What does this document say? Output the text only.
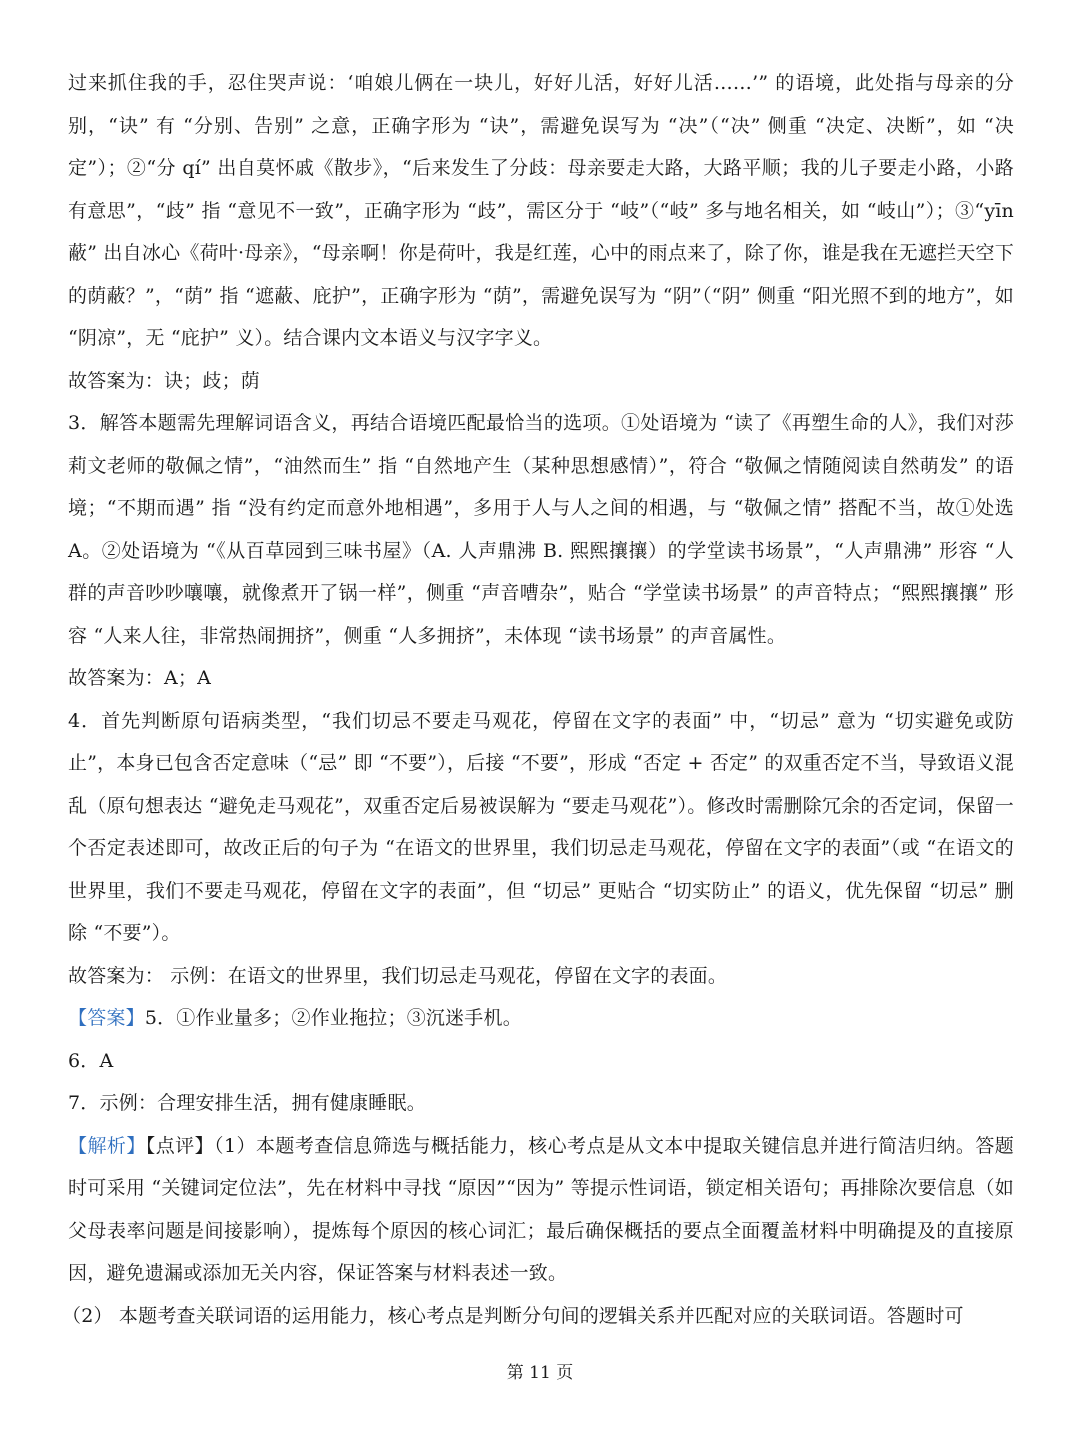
过来抓住我的手，忍住哭声说：‘咱娘儿俩在一块儿，好好儿活，好好儿活……’” 的语境，此处指与母亲的分别，“诀” 有 “分别、告别” 之意，正确字形为 “诀”，需避免误写为 “决”（“决” 侧重 “决定、决断”，如 “决定”）；②“分 qí” 出自莫怀戚《散步》，“后来发生了分歧：母亲要走大路，大路平顺；我的儿子要走小路，小路有意思”，“歧” 指 “意见不一致”，正确字形为 “歧”，需区分于 “岐”（“岐” 多与地名相关，如 “岐山”）；③“yīn 蔽” 出自冰心《荷叶·母亲》，“母亲啊！你是荷叶，我是红莲，心中的雨点来了，除了你，谁是我在无遮拦天空下的荫蔽？”，“荫” 指 “遮蔽、庇护”，正确字形为 “荫”，需避免误写为 “阴”（“阴” 侧重 “阳光照不到的地方”，如 “阴凉”，无 “庇护” 义）。结合课内文本语义与汉字字义。

故答案为：诀；歧；荫

3．解答本题需先理解词语含义，再结合语境匹配最恰当的选项。①处语境为 “读了《再塑生命的人》，我们对莎莉文老师的敬佩之情”，“油然而生” 指 “自然地产生（某种思想感情）”，符合 “敬佩之情随阅读自然萌发” 的语境；“不期而遇” 指 “没有约定而意外地相遇”，多用于人与人之间的相遇，与 “敬佩之情” 搭配不当，故①处选 A。②处语境为 “《从百草园到三味书屋》（A. 人声鼎沸 B. 熙熙攘攘）的学堂读书场景”，“人声鼎沸” 形容 “人群的声音吵吵嚷嚷，就像煮开了锅一样”，侧重 “声音嘈杂”，贴合 “学堂读书场景” 的声音特点；“熙熙攘攘” 形容 “人来人往，非常热闹拥挤”，侧重 “人多拥挤”，未体现 “读书场景” 的声音属性。

故答案为：A；A

4．首先判断原句语病类型，“我们切忌不要走马观花，停留在文字的表面” 中，“切忌” 意为 “切实避免或防止”，本身已包含否定意味（“忌” 即 “不要”），后接 “不要”，形成 “否定 + 否定” 的双重否定不当，导致语义混乱（原句想表达 “避免走马观花”，双重否定后易被误解为 “要走马观花”）。修改时需删除冗余的否定词，保留一个否定表述即可，故改正后的句子为 “在语文的世界里，我们切忌走马观花，停留在文字的表面”（或 “在语文的世界里，我们不要走马观花，停留在文字的表面”，但 “切忌” 更贴合 “切实防止” 的语义，优先保留 “切忌” 删除 “不要”）。

故答案为： 示例：在语文的世界里，我们切忌走马观花，停留在文字的表面。

【答案】5．①作业量多；②作业拖拉；③沉迷手机。

6．A

7．示例：合理安排生活，拥有健康睡眠。

【解析】【点评】（1）本题考查信息筛选与概括能力，核心考点是从文本中提取关键信息并进行简洁归纳。答题时可采用 “关键词定位法”，先在材料中寻找 “原因”“因为” 等提示性词语，锁定相关语句；再排除次要信息（如父母表率问题是间接影响），提炼每个原因的核心词汇；最后确保概括的要点全面覆盖材料中明确提及的直接原因，避免遗漏或添加无关内容，保证答案与材料表述一致。

（2） 本题考查关联词语的运用能力，核心考点是判断分句间的逻辑关系并匹配对应的关联词语。答题时可

第 11 页
